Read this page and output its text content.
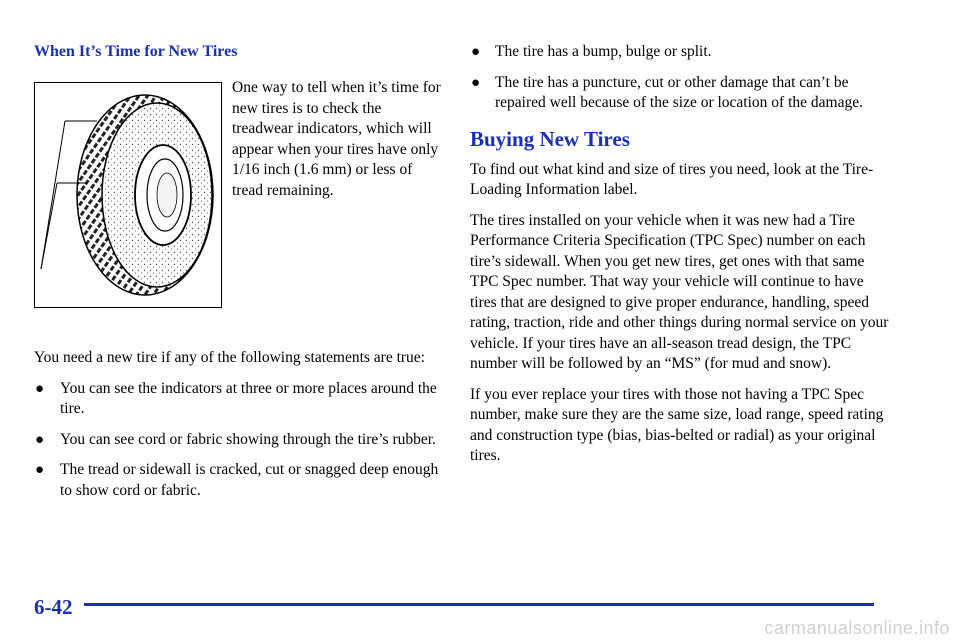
When It’s Time for New Tires
One way to tell when it’s time for new tires is to check the treadwear indicators, which will appear when your tires have only 1/16 inch (1.6 mm) or less of tread remaining.

You need a new tire if any of the following statements are true:

● You can see the indicators at three or more places around the tire.
● You can see cord or fabric showing through the tire’s rubber.
● The tread or sidewall is cracked, cut or snagged deep enough to show cord or fabric.
● The tire has a bump, bulge or split.
● The tire has a puncture, cut or other damage that can’t be repaired well because of the size or location of the damage.
Buying New Tires

To find out what kind and size of tires you need, look at the Tire-Loading Information label.

The tires installed on your vehicle when it was new had a Tire Performance Criteria Specification (TPC Spec) number on each tire’s sidewall. When you get new tires, get ones with that same TPC Spec number. That way your vehicle will continue to have tires that are designed to give proper endurance, handling, speed rating, traction, ride and other things during normal service on your vehicle. If your tires have an all-season tread design, the TPC number will be followed by an “MS” (for mud and snow).

If you ever replace your tires with those not having a TPC Spec number, make sure they are the same size, load range, speed rating and construction type (bias, bias-belted or radial) as your original tires.

6-42
carmanualsonline.info
